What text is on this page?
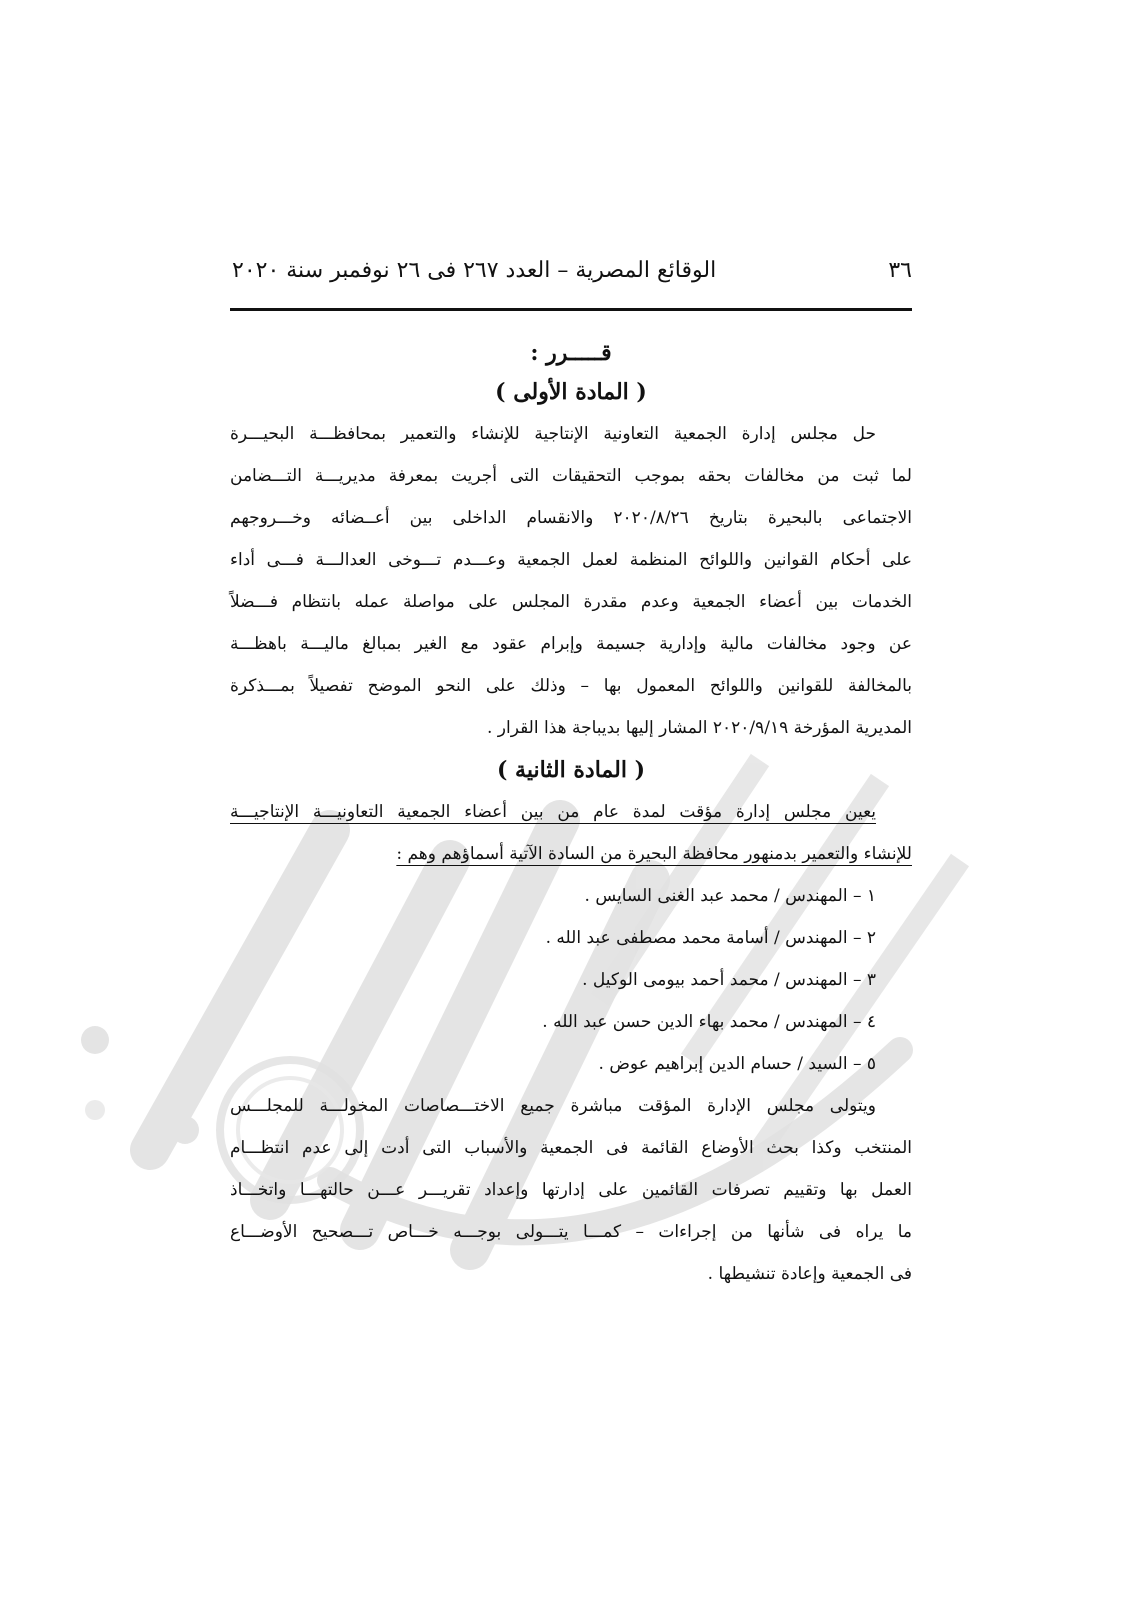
٣٦
الوقائع المصرية – العدد ٢٦٧ فى ٢٦ نوفمبر سنة ٢٠٢٠
قـــــرر :
( المادة الأولى )

حل مجلس إدارة الجمعية التعاونية الإنتاجية للإنشاء والتعمير بمحافظـــة البحيـــرة
لما ثبت من مخالفات بحقه بموجب التحقيقات التى أجريت بمعرفة مديريـــة التـــضامن
الاجتماعى بالبحيرة بتاريخ ٢٠٢٠/٨/٢٦ والانقسام الداخلى بين أعــضائه وخـــروجهم
على أحكام القوانين واللوائح المنظمة لعمل الجمعية وعـــدم تـــوخى العدالـــة فـــى أداء
الخدمات بين أعضاء الجمعية وعدم مقدرة المجلس على مواصلة عمله بانتظام فـــضلاً
عن وجود مخالفات مالية وإدارية جسيمة وإبرام عقود مع الغير بمبالغ ماليـــة باهظـــة
بالمخالفة للقوانين واللوائح المعمول بها – وذلك على النحو الموضح تفصيلاً بمـــذكرة
المديرية المؤرخة ٢٠٢٠/٩/١٩ المشار إليها بديباجة هذا القرار .

( المادة الثانية )

يعين مجلس إدارة مؤقت لمدة عام من بين أعضاء الجمعية التعاونيـــة الإنتاجيـــة
للإنشاء والتعمير بدمنهور محافظة البحيرة من السادة الآتية أسماؤهم وهم :

١ – المهندس / محمد عبد الغنى السايس .
٢ – المهندس / أسامة محمد مصطفى عبد الله .
٣ – المهندس / محمد أحمد بيومى الوكيل .
٤ – المهندس / محمد بهاء الدين حسن عبد الله .
٥ – السيد / حسام الدين إبراهيم عوض .

ويتولى مجلس الإدارة المؤقت مباشرة جميع الاختـــصاصات المخولـــة للمجلـــس
المنتخب وكذا بحث الأوضاع القائمة فى الجمعية والأسباب التى أدت إلى عدم انتظـــام
العمل بها وتقييم تصرفات القائمين على إدارتها وإعداد تقريـــر عـــن حالتهـــا واتخـــاذ
ما يراه فى شأنها من إجراءات – كمـــا يتـــولى بوجـــه خـــاص تـــصحيح الأوضـــاع
فى الجمعية وإعادة تنشيطها .
